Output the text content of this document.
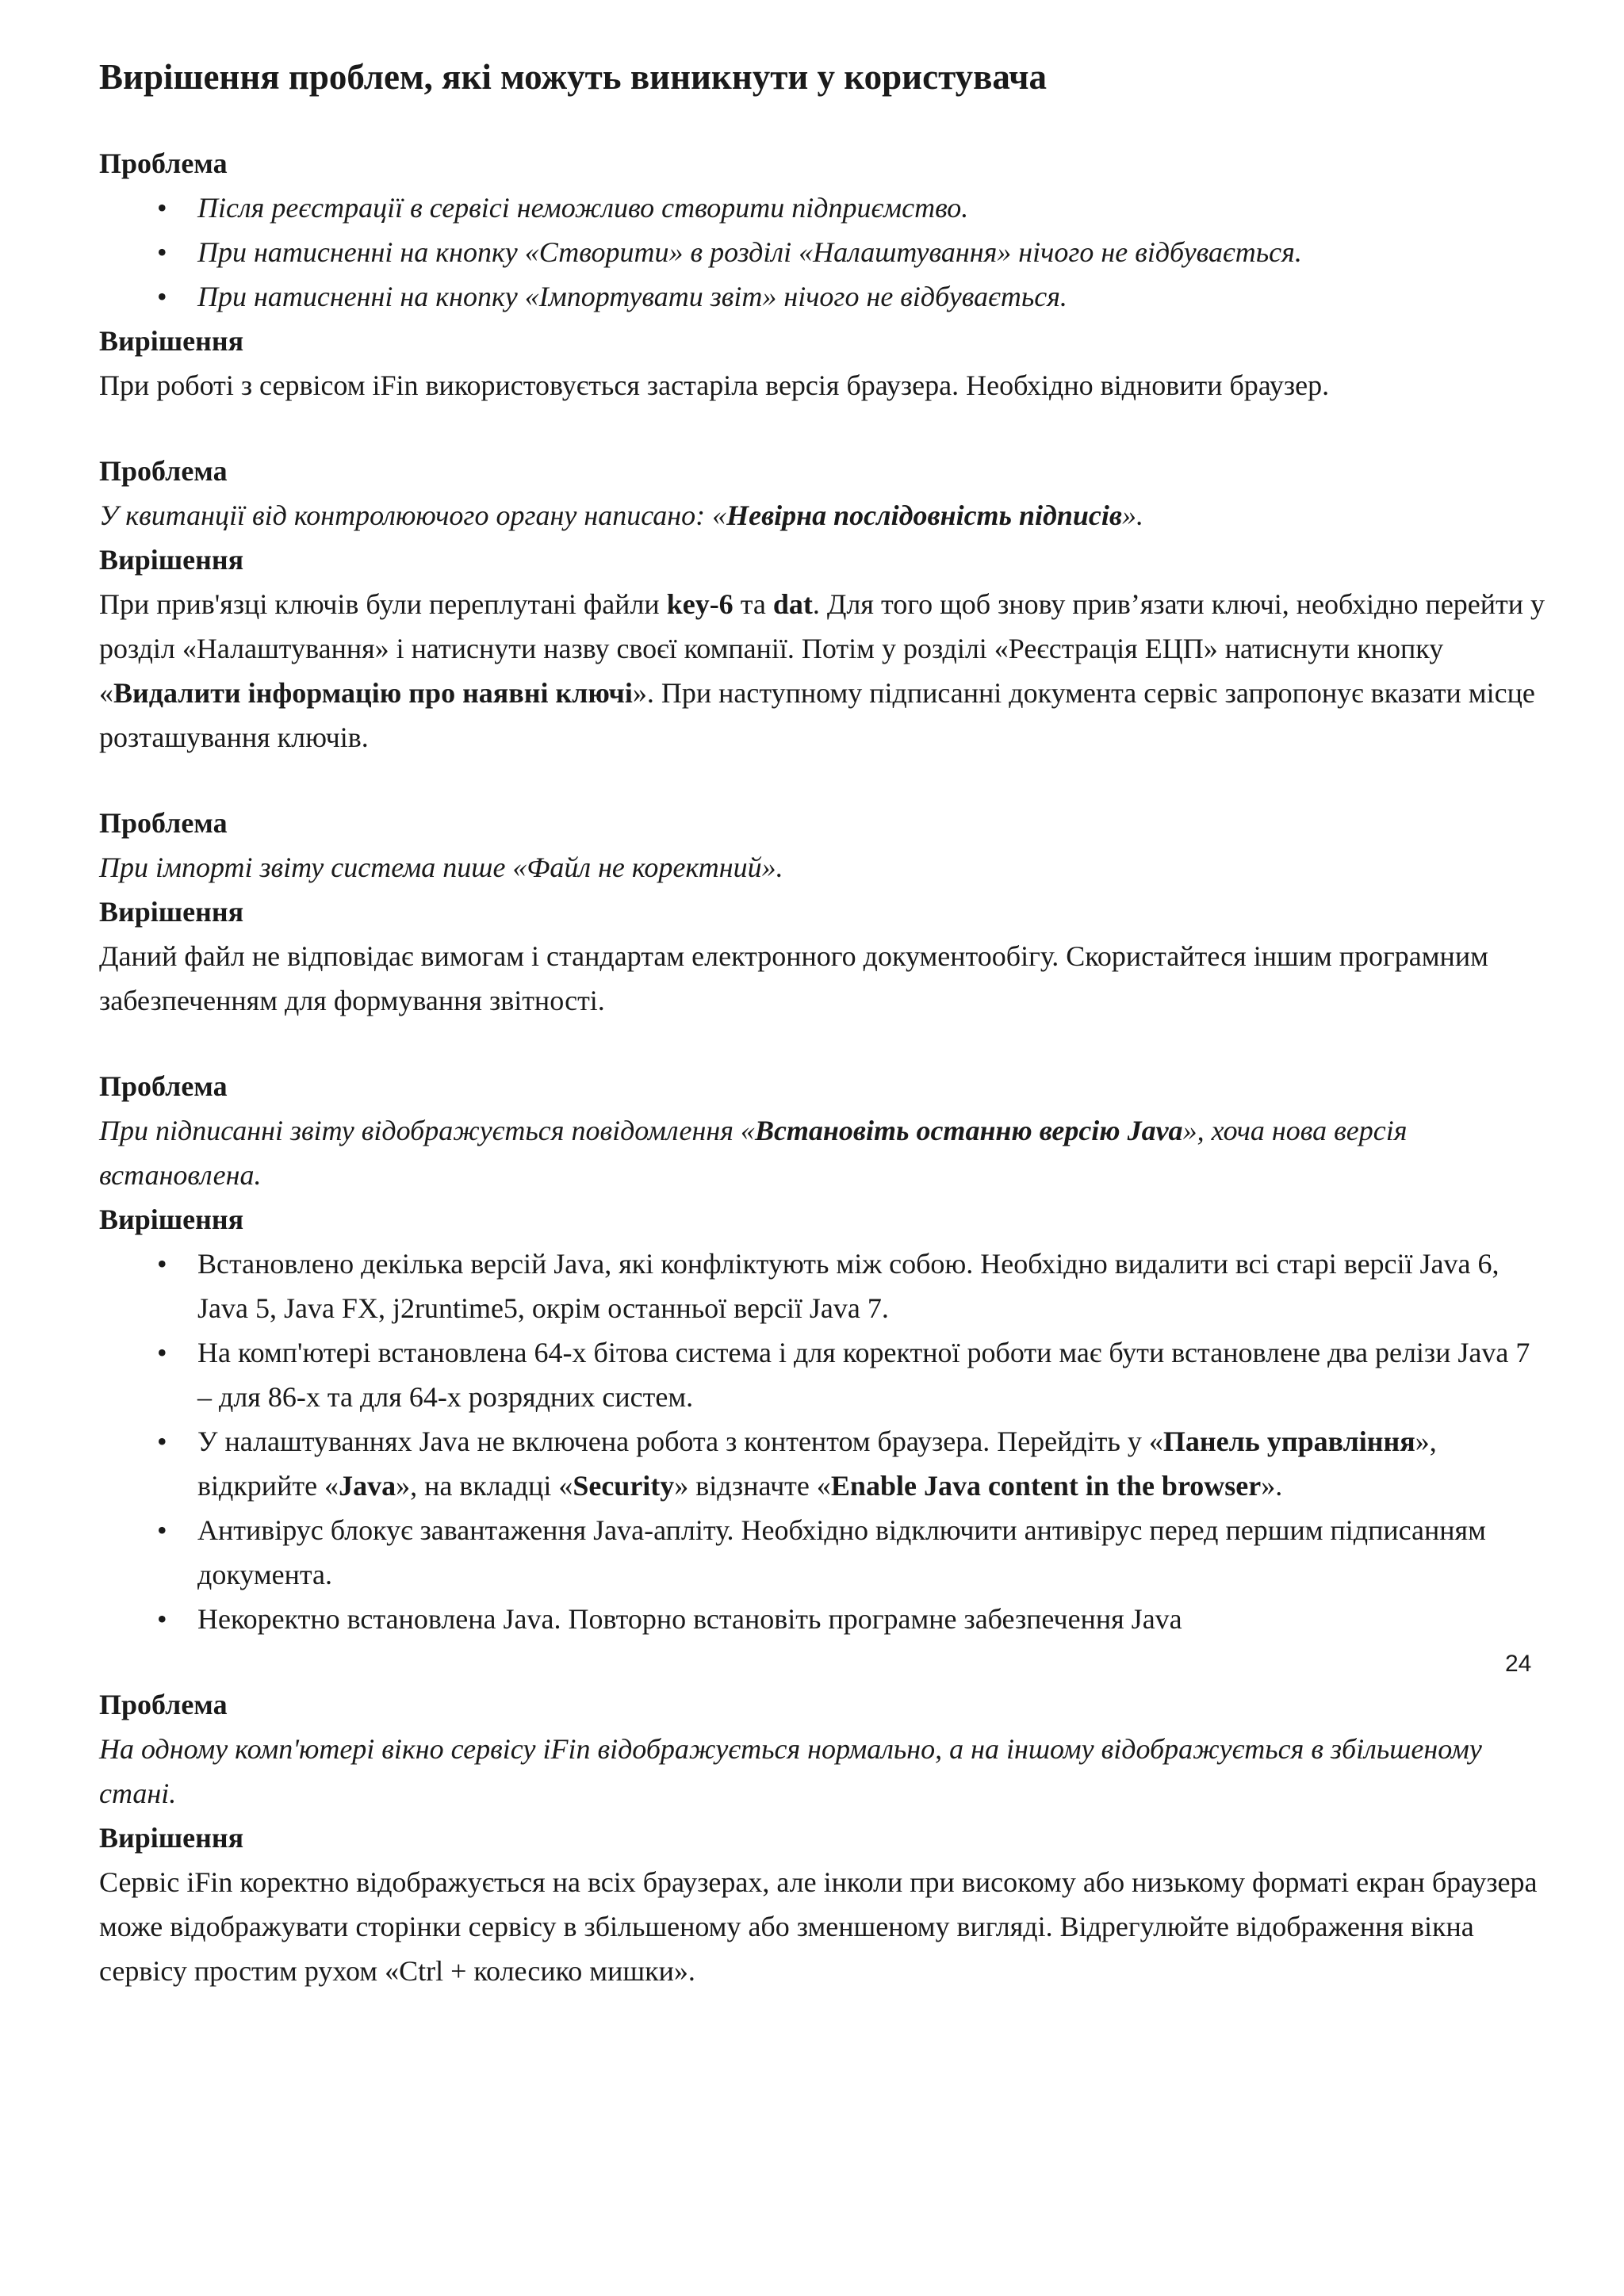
Вирішення проблем, які можуть виникнути у користувача

Проблема

• Після реєстрації в сервісі неможливо створити підприємство.
• При натисненні на кнопку «Створити» в розділі «Налаштування» нічого не відбувається.
• При натисненні на кнопку «Імпортувати звіт» нічого не відбувається.

Вирішення

При роботі з сервісом iFin використовується застаріла версія браузера. Необхідно відновити браузер.

Проблема

У квитанції від контролюючого органу написано: «Невірна послідовність підписів».

Вирішення

При прив'язці ключів були переплутані файли key-6 та dat. Для того щоб знову прив’язати ключі, необхідно перейти у розділ «Налаштування» і натиснути назву своєї компанії. Потім у розділі «Реєстрація ЕЦП» натиснути кнопку «Видалити інформацію про наявні ключі». При наступному підписанні документа сервіс запропонує вказати місце розташування ключів.

Проблема

При імпорті звіту система пише «Файл не коректний».

Вирішення

Даний файл не відповідає вимогам і стандартам електронного документообігу. Скористайтеся іншим програмним забезпеченням для формування звітності.

Проблема

При підписанні звіту відображується повідомлення «Встановіть останню версію Java», хоча нова версія встановлена.

Вирішення

• Встановлено декілька версій Java, які конфліктують між собою. Необхідно видалити всі старі версії Java 6, Java 5, Java FX, j2runtime5, окрім останньої версії Java 7.
• На комп'ютері встановлена 64-х бітова система і для коректної роботи має бути встановлене два релізи Java 7 – для 86-х та для 64-х розрядних систем.
• У налаштуваннях Java не включена робота з контентом браузера. Перейдіть у «Панель управління», відкрийте «Java», на вкладці «Security» відзначте «Enable Java content in the browser».
• Антивірус блокує завантаження Java-апліту. Необхідно відключити антивірус перед першим підписанням документа.
• Некоректно встановлена Java. Повторно встановіть програмне забезпечення Java

Проблема

На одному комп'ютері вікно сервісу iFin відображується нормально, а на іншому відображується в збільшеному стані.

Вирішення

Сервіс iFin коректно відображується на всіх браузерах, але інколи при високому або низькому форматі екран браузера може відображувати сторінки сервісу в збільшеному або зменшеному вигляді. Відрегулюйте відображення вікна сервісу простим рухом «Ctrl + колесико мишки».

24
